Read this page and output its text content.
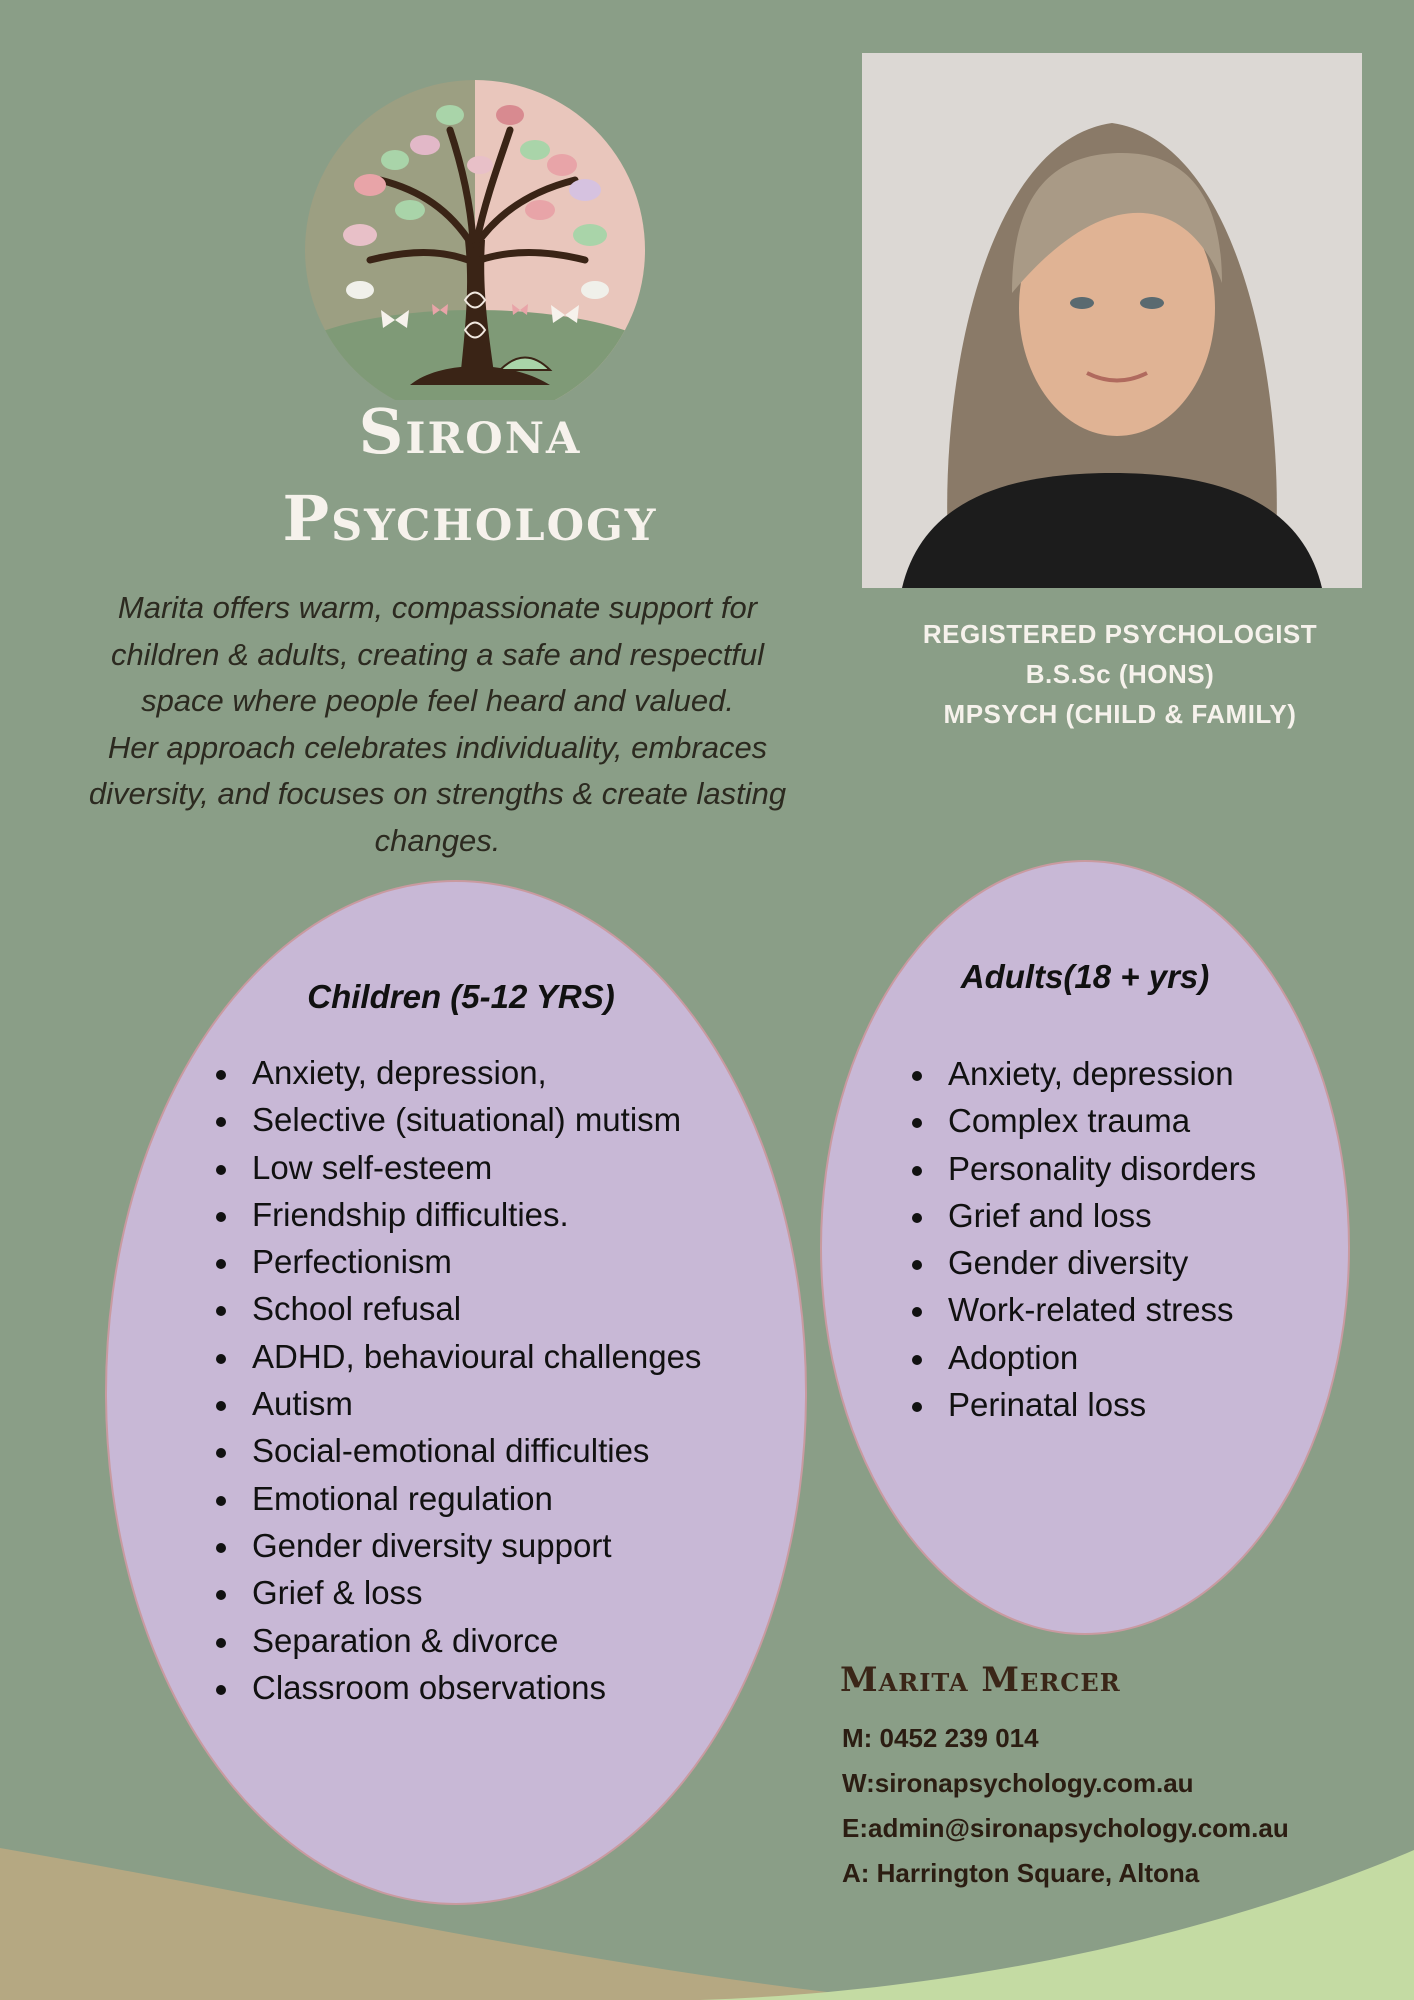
Sirona
Psychology
Marita offers warm, compassionate support for
children & adults, creating a safe and respectful
space where people feel heard and valued.
Her approach celebrates individuality, embraces
diversity, and focuses on strengths & create lasting
changes.
REGISTERED PSYCHOLOGIST
B.S.Sc (HONS)
MPSYCH (CHILD & FAMILY)
Children (5-12 YRS)
Anxiety, depression,
Selective (situational) mutism
Low self-esteem
Friendship difficulties.
Perfectionism
School refusal
ADHD, behavioural challenges
Autism
Social-emotional difficulties
Emotional regulation
Gender diversity support
Grief & loss
Separation & divorce
Classroom observations
Adults(18 + yrs)
Anxiety, depression
Complex trauma
Personality disorders
Grief and loss
Gender diversity
Work-related stress
Adoption
Perinatal loss
Marita Mercer
M: 0452 239 014
W:sironapsychology.com.au
E:admin@sironapsychology.com.au
A: Harrington Square, Altona
